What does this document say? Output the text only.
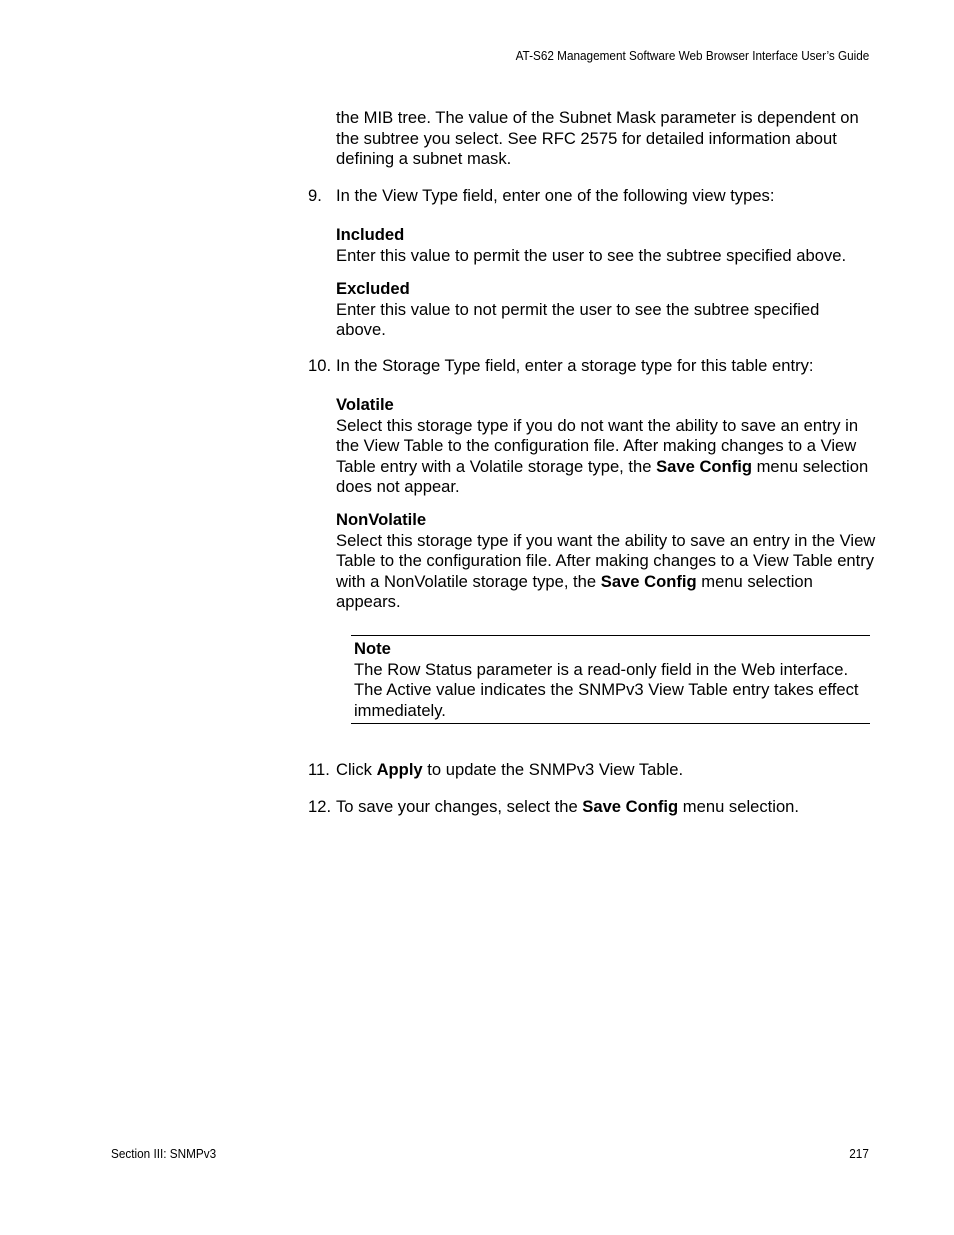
AT-S62 Management Software Web Browser Interface User’s Guide

the MIB tree. The value of the Subnet Mask parameter is dependent on the subtree you select. See RFC 2575 for detailed information about defining a subnet mask.

9. In the View Type field, enter one of the following view types:

Included
Enter this value to permit the user to see the subtree specified above.
Excluded
Enter this value to not permit the user to see the subtree specified above.

10. In the Storage Type field, enter a storage type for this table entry:

Volatile
Select this storage type if you do not want the ability to save an entry in the View Table to the configuration file. After making changes to a View Table entry with a Volatile storage type, the Save Config menu selection does not appear.
NonVolatile
Select this storage type if you want the ability to save an entry in the View Table to the configuration file. After making changes to a View Table entry with a NonVolatile storage type, the Save Config menu selection appears.
Note
The Row Status parameter is a read-only field in the Web interface. The Active value indicates the SNMPv3 View Table entry takes effect immediately.

11. Click Apply to update the SNMPv3 View Table.

12. To save your changes, select the Save Config menu selection.

Section III: SNMPv3	217
